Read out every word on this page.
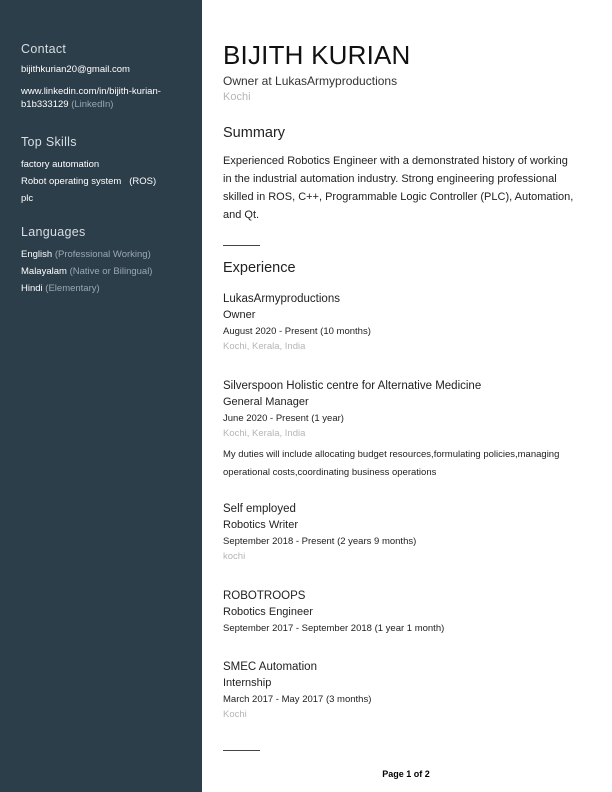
Contact
bijithkurian20@gmail.com
www.linkedin.com/in/bijith-kurian-
b1b333129 (LinkedIn)
Top Skills
factory automation
Robot operating system   (ROS)
plc
Languages
English (Professional Working)
Malayalam (Native or Bilingual)
Hindi (Elementary)
BIJITH KURIAN
Owner at LukasArmyproductions
Kochi
Summary
Experienced Robotics Engineer with a demonstrated history of working in the industrial automation industry. Strong engineering professional skilled in ROS, C++, Programmable Logic Controller (PLC), Automation, and Qt.
Experience
LukasArmyproductions
Owner
August 2020 - Present (10 months)
Kochi, Kerala, India
Silverspoon Holistic centre for Alternative Medicine
General Manager
June 2020 - Present (1 year)
Kochi, Kerala, India
My duties will include allocating budget resources,formulating policies,managing operational costs,coordinating business operations
Self employed
Robotics Writer
September 2018 - Present (2 years 9 months)
kochi
ROBOTROOPS
Robotics Engineer
September 2017 - September 2018 (1 year 1 month)
SMEC Automation
Internship
March 2017 - May 2017 (3 months)
Kochi
Page 1 of 2
